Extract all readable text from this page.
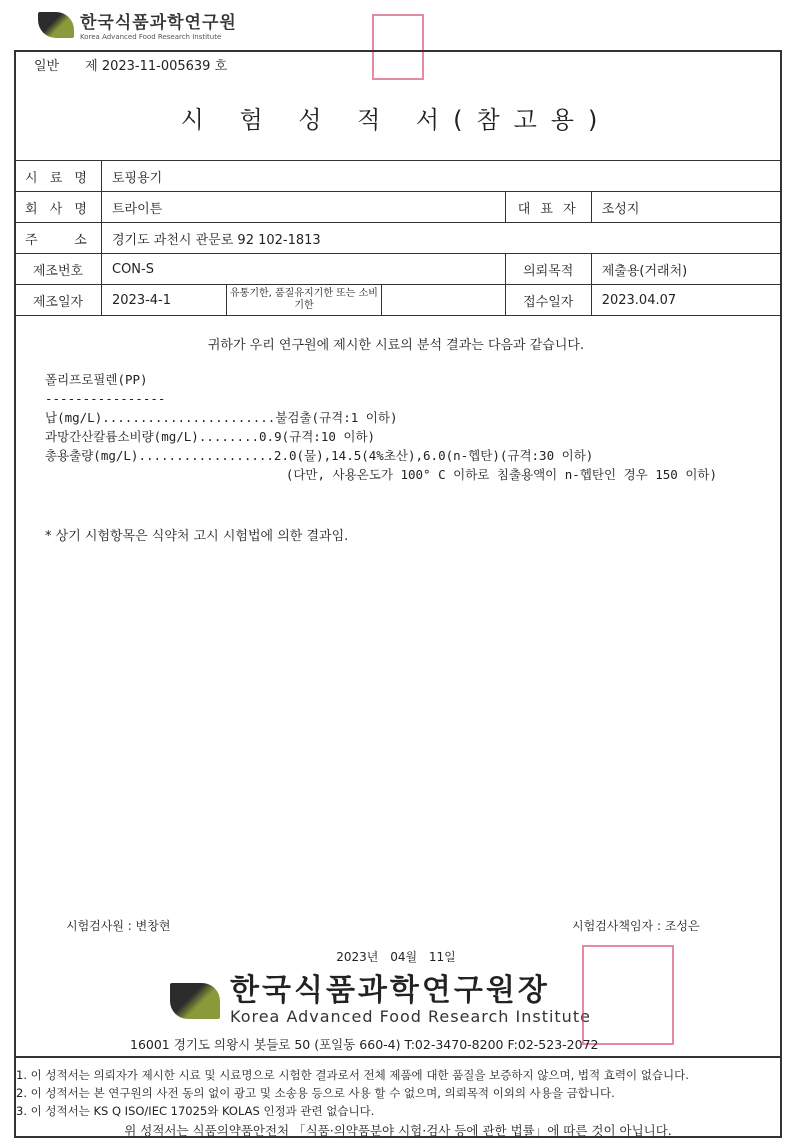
한국식품과학연구원
Korea Advanced Food Research Institute
일반 제 2023-11-005639 호
시 험 성 적 서(참고용)
시 료 명	토핑용기			
회 사 명	트라이튼		대 표 자	조성지
주    소	경기도 과천시 관문로 92 102-1813			
제조번호	CON-S		의뢰목적	제출용(거래처)
제조일자	2023-4-1	유통기한, 품질유지기한 또는 소비기한	접수일자	2023.04.07
귀하가 우리 연구원에 제시한 시료의 분석 결과는 다음과 같습니다.
폴리프로필렌(PP)
----------------
납(mg/L).......................불검출(규격:1 이하)
과망간산칼륨소비량(mg/L)........0.9(규격:10 이하)
총용출량(mg/L)..................2.0(물),14.5(4%초산),6.0(n-헵탄)(규격:30 이하)
(다만, 사용온도가 100° C 이하로 침출용액이 n-헵탄인 경우 150 이하)
* 상기 시험항목은 식약처 고시 시험법에 의한 결과임.
시험검사원 : 변창현	시험검사책임자 : 조성은
2023년 04월 11일
한국식품과학연구원장
Korea Advanced Food Research Institute
16001 경기도 의왕시 봇들로 50 (포일동 660-4) T:02-3470-8200 F:02-523-2072
1. 이 성적서는 의뢰자가 제시한 시료 및 시료명으로 시험한 결과로서 전체 제품에 대한 품질을 보증하지 않으며, 법적 효력이 없습니다.
2. 이 성적서는 본 연구원의 사전 동의 없이 광고 및 소송용 등으로 사용 할 수 없으며, 의뢰목적 이외의 사용을 금합니다.
3. 이 성적서는 KS Q ISO/IEC 17025와 KOLAS 인정과 관련 없습니다.
위 성적서는 식품의약품안전처 「식품·의약품분야 시험·검사 등에 관한 법률」에 따른 것이 아닙니다.
